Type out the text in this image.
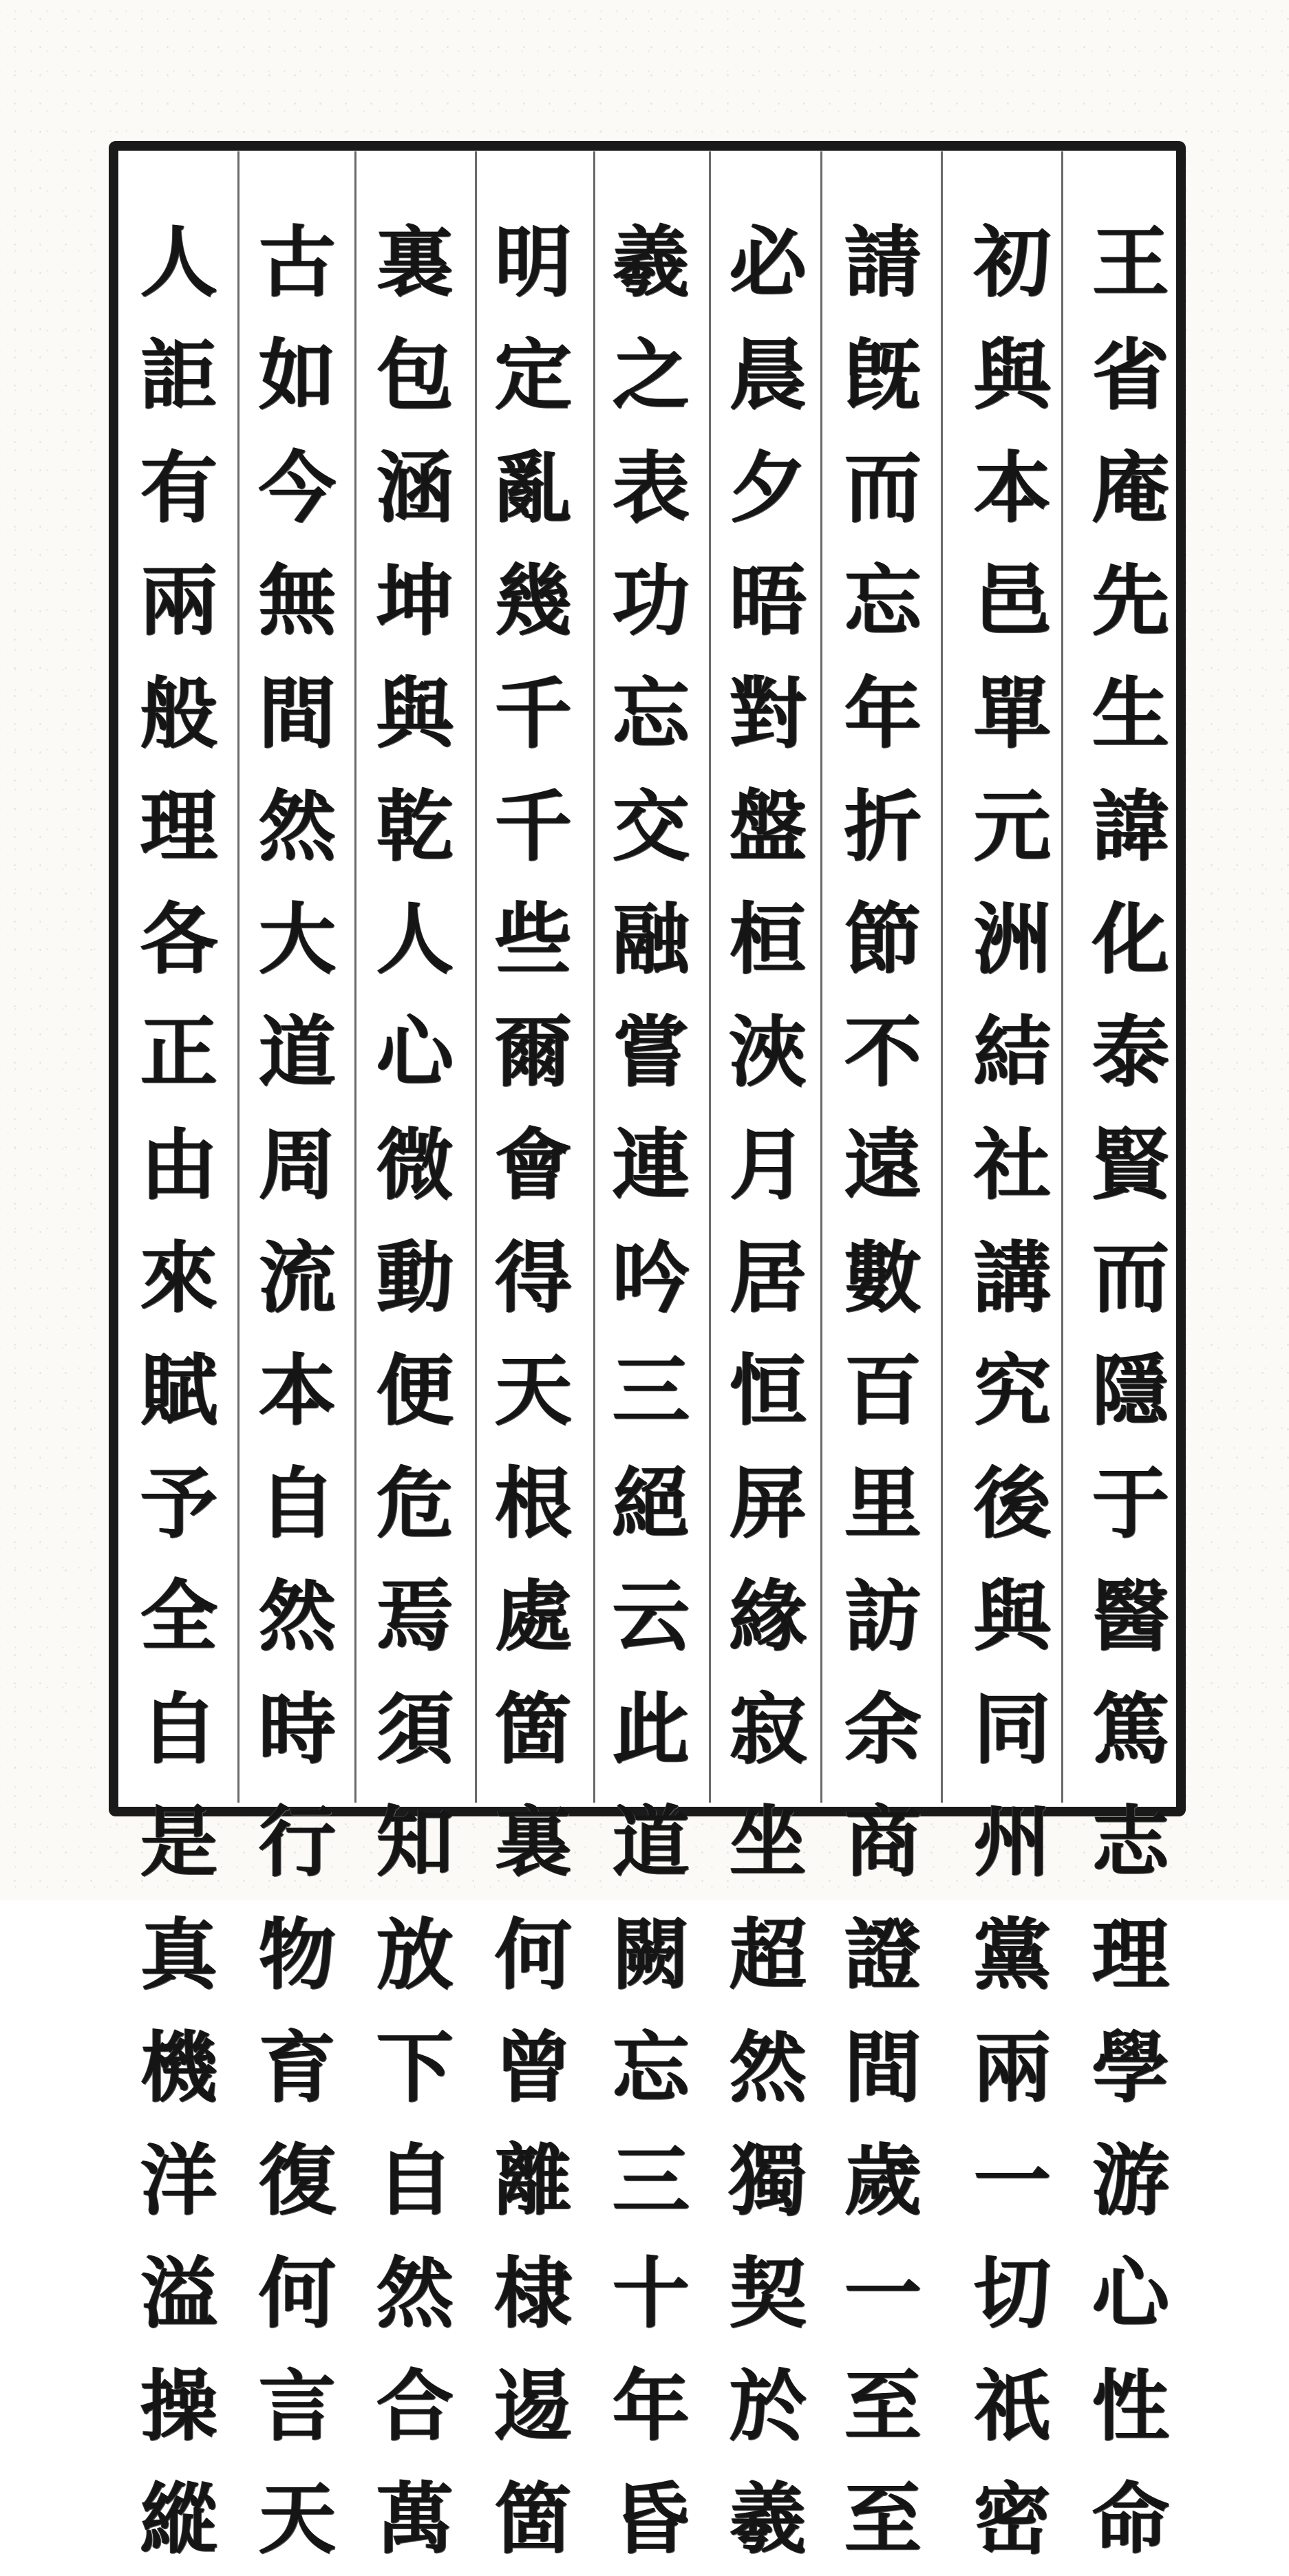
王
省
庵
先
生
諱
化
泰
賢
而
隱
于
醫
篤
志
理
學
游
心
性
命
初
與
本
邑
單
元
洲
結
社
講
究
後
與
同
州
黨
兩
一
切
祇
密
請
旣
而
忘
年
折
節
不
遠
數
百
里
訪
余
商
證
間
歲
一
至
至
必
晨
夕
晤
對
盤
桓
浹
月
居
恒
屏
緣
寂
坐
超
然
獨
契
於
羲
羲
之
表
功
忘
交
融
嘗
連
吟
三
絕
云
此
道
闕
忘
三
十
年
昏
明
定
亂
幾
千
千
些
爾
會
得
天
根
處
箇
裏
何
曾
離
棣
逷
箇
裏
包
涵
坤
與
乾
人
心
微
動
便
危
焉
須
知
放
下
自
然
合
萬
古
如
今
無
間
然
大
道
周
流
本
自
然
時
行
物
育
復
何
言
天
人
詎
有
兩
般
理
各
正
由
來
賦
予
全
自
是
真
機
洋
溢
操
縱
